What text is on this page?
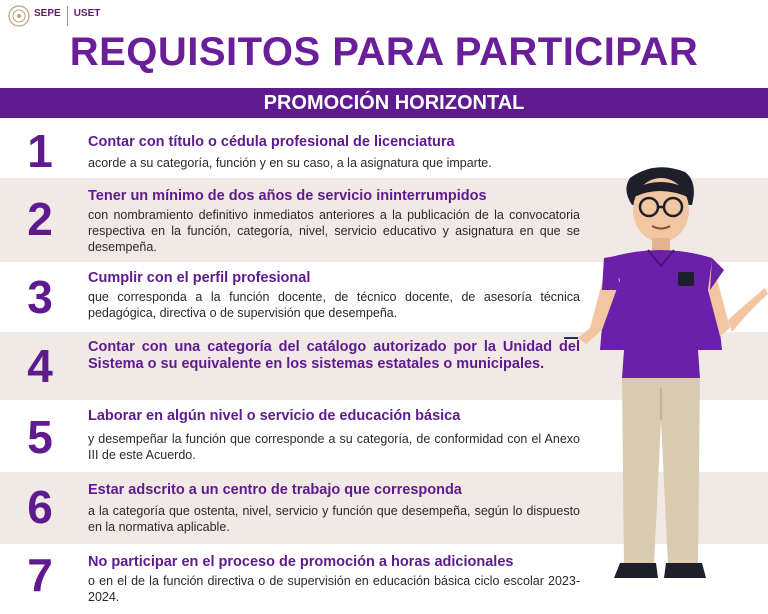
SEPE
USET

REQUISITOS PARA PARTICIPAR
PROMOCIÓN HORIZONTAL
1	Contar con título o cédula profesional de licenciatura
acorde a su categoría, función y en su caso, a la asignatura que imparte.
2	Tener un mínimo de dos años de servicio ininterrumpidos
con nombramiento definitivo inmediatos anteriores a la publicación de la convocatoria respectiva en la función, categoría, nivel, servicio educativo y asignatura en que se desempeña.
3	Cumplir con el perfil profesional
que corresponda a la función docente, de técnico docente, de asesoría técnica pedagógica, directiva o de supervisión que desempeña.
4	Contar con una categoría del catálogo autorizado por la Unidad del Sistema o su equivalente en los sistemas estatales o municipales.
5	Laborar en algún nivel o servicio de educación básica
y desempeñar la función que corresponde a su categoría, de conformidad con el Anexo III de este Acuerdo.
6	Estar adscrito a un centro de trabajo que corresponda
a la categoría que ostenta, nivel, servicio y función que desempeña, según lo dispuesto en la normativa aplicable.
7	No participar en el proceso de promoción a horas adicionales
o en el de la función directiva o de supervisión en educación básica ciclo escolar 2023-2024.
